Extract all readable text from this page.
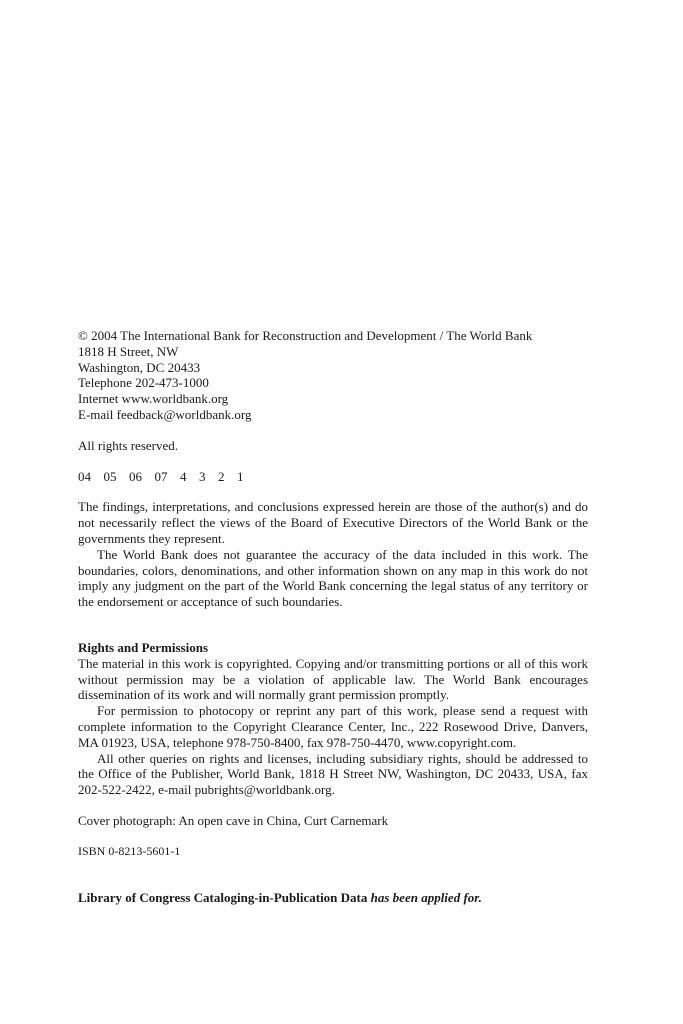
© 2004 The International Bank for Reconstruction and Development / The World Bank
1818 H Street, NW
Washington, DC 20433
Telephone 202-473-1000
Internet www.worldbank.org
E-mail feedback@worldbank.org

All rights reserved.

04  05  06  07  4  3  2  1

The findings, interpretations, and conclusions expressed herein are those of the author(s) and do not necessarily reflect the views of the Board of Executive Directors of the World Bank or the governments they represent.

The World Bank does not guarantee the accuracy of the data included in this work. The boundaries, colors, denominations, and other information shown on any map in this work do not imply any judgment on the part of the World Bank concerning the legal status of any territory or the endorsement or acceptance of such boundaries.

Rights and Permissions

The material in this work is copyrighted. Copying and/or transmitting portions or all of this work without permission may be a violation of applicable law. The World Bank encourages dissemination of its work and will normally grant permission promptly.

For permission to photocopy or reprint any part of this work, please send a request with complete information to the Copyright Clearance Center, Inc., 222 Rosewood Drive, Danvers, MA 01923, USA, telephone 978-750-8400, fax 978-750-4470, www.copyright.com.

All other queries on rights and licenses, including subsidiary rights, should be addressed to the Office of the Publisher, World Bank, 1818 H Street NW, Washington, DC 20433, USA, fax 202-522-2422, e-mail pubrights@worldbank.org.

Cover photograph: An open cave in China, Curt Carnemark

ISBN 0-8213-5601-1

Library of Congress Cataloging-in-Publication Data has been applied for.
